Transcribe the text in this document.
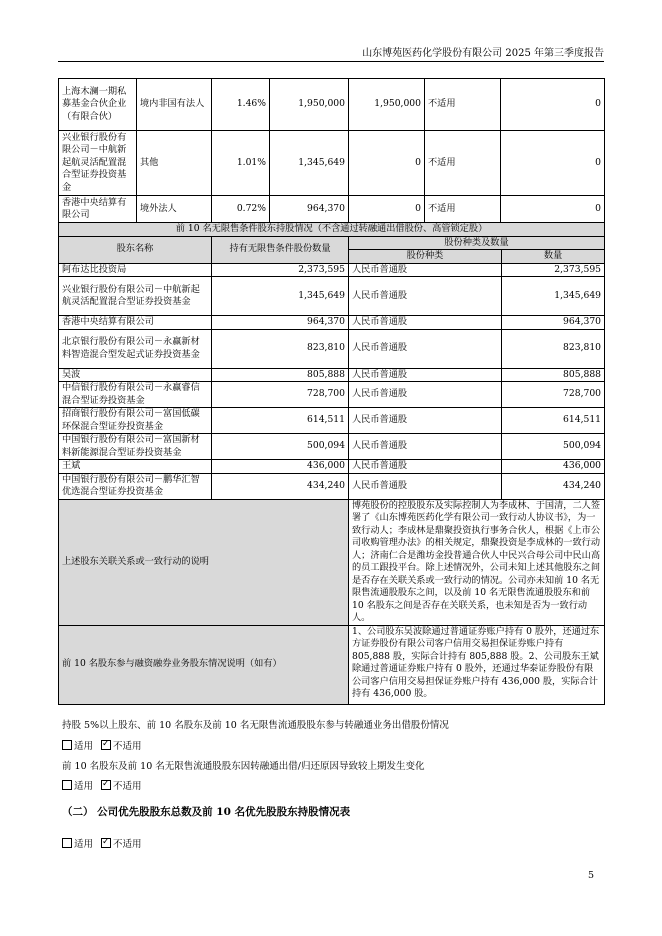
山东博苑医药化学股份有限公司 2025 年第三季度报告
上海木澜一期私募基金合伙企业（有限合伙）	境内非国有法人	1.46%	1,950,000	1,950,000	不适用	0
兴业银行股份有限公司－中航新起航灵活配置混合型证券投资基金	其他	1.01%	1,345,649	0	不适用	0
香港中央结算有限公司	境外法人	0.72%	964,370	0	不适用	0
前 10 名无限售条件股东持股情况（不含通过转融通出借股份、高管锁定股）			
股东名称	持有无限售条件股份数量	股份种类及数量	
		股份种类	数量
阿布达比投资局	2,373,595	人民币普通股	2,373,595
兴业银行股份有限公司－中航新起航灵活配置混合型证券投资基金	1,345,649	人民币普通股	1,345,649
香港中央结算有限公司	964,370	人民币普通股	964,370
北京银行股份有限公司－永赢新材料智造混合型发起式证券投资基金	823,810	人民币普通股	823,810
吴波	805,888	人民币普通股	805,888
中信银行股份有限公司－永赢睿信混合型证券投资基金	728,700	人民币普通股	728,700
招商银行股份有限公司－富国低碳环保混合型证券投资基金	614,511	人民币普通股	614,511
中国银行股份有限公司－富国新材料新能源混合型证券投资基金	500,094	人民币普通股	500,094
王斌	436,000	人民币普通股	436,000
中国银行股份有限公司－鹏华汇智优选混合型证券投资基金	434,240	人民币普通股	434,240
上述股东关联关系或一致行动的说明		博苑股份的控股股东及实际控制人为李成林、于国清，二人签署了《山东博苑医药化学有限公司一致行动人协议书》，为一致行动人；李成林是鼎聚投资执行事务合伙人，根据《上市公司收购管理办法》的相关规定，鼎聚投资是李成林的一致行动人；济南仁合是潍坊金投普通合伙人中民兴合母公司中民山高的员工跟投平台。除上述情况外，公司未知上述其他股东之间是否存在关联关系或一致行动的情况。公司亦未知前 10 名无限售流通股股东之间，以及前 10 名无限售流通股股东和前 10 名股东之间是否存在关联关系，也未知是否为一致行动人。	
前 10 名股东参与融资融券业务股东情况说明（如有）		1、公司股东吴波除通过普通证券账户持有 0 股外，还通过东方证券股份有限公司客户信用交易担保证券账户持有 805,888 股，实际合计持有 805,888 股。2、公司股东王斌除通过普通证券账户持有 0 股外，还通过华泰证券股份有限公司客户信用交易担保证券账户持有 436,000 股，实际合计持有 436,000 股。	
持股 5%以上股东、前 10 名股东及前 10 名无限售流通股股东参与转融通业务出借股份情况
适用 ✓ 不适用
前 10 名股东及前 10 名无限售流通股股东因转融通出借/归还原因导致较上期发生变化
适用 ✓ 不适用
（二） 公司优先股股东总数及前 10 名优先股股东持股情况表
适用 ✓ 不适用
5
